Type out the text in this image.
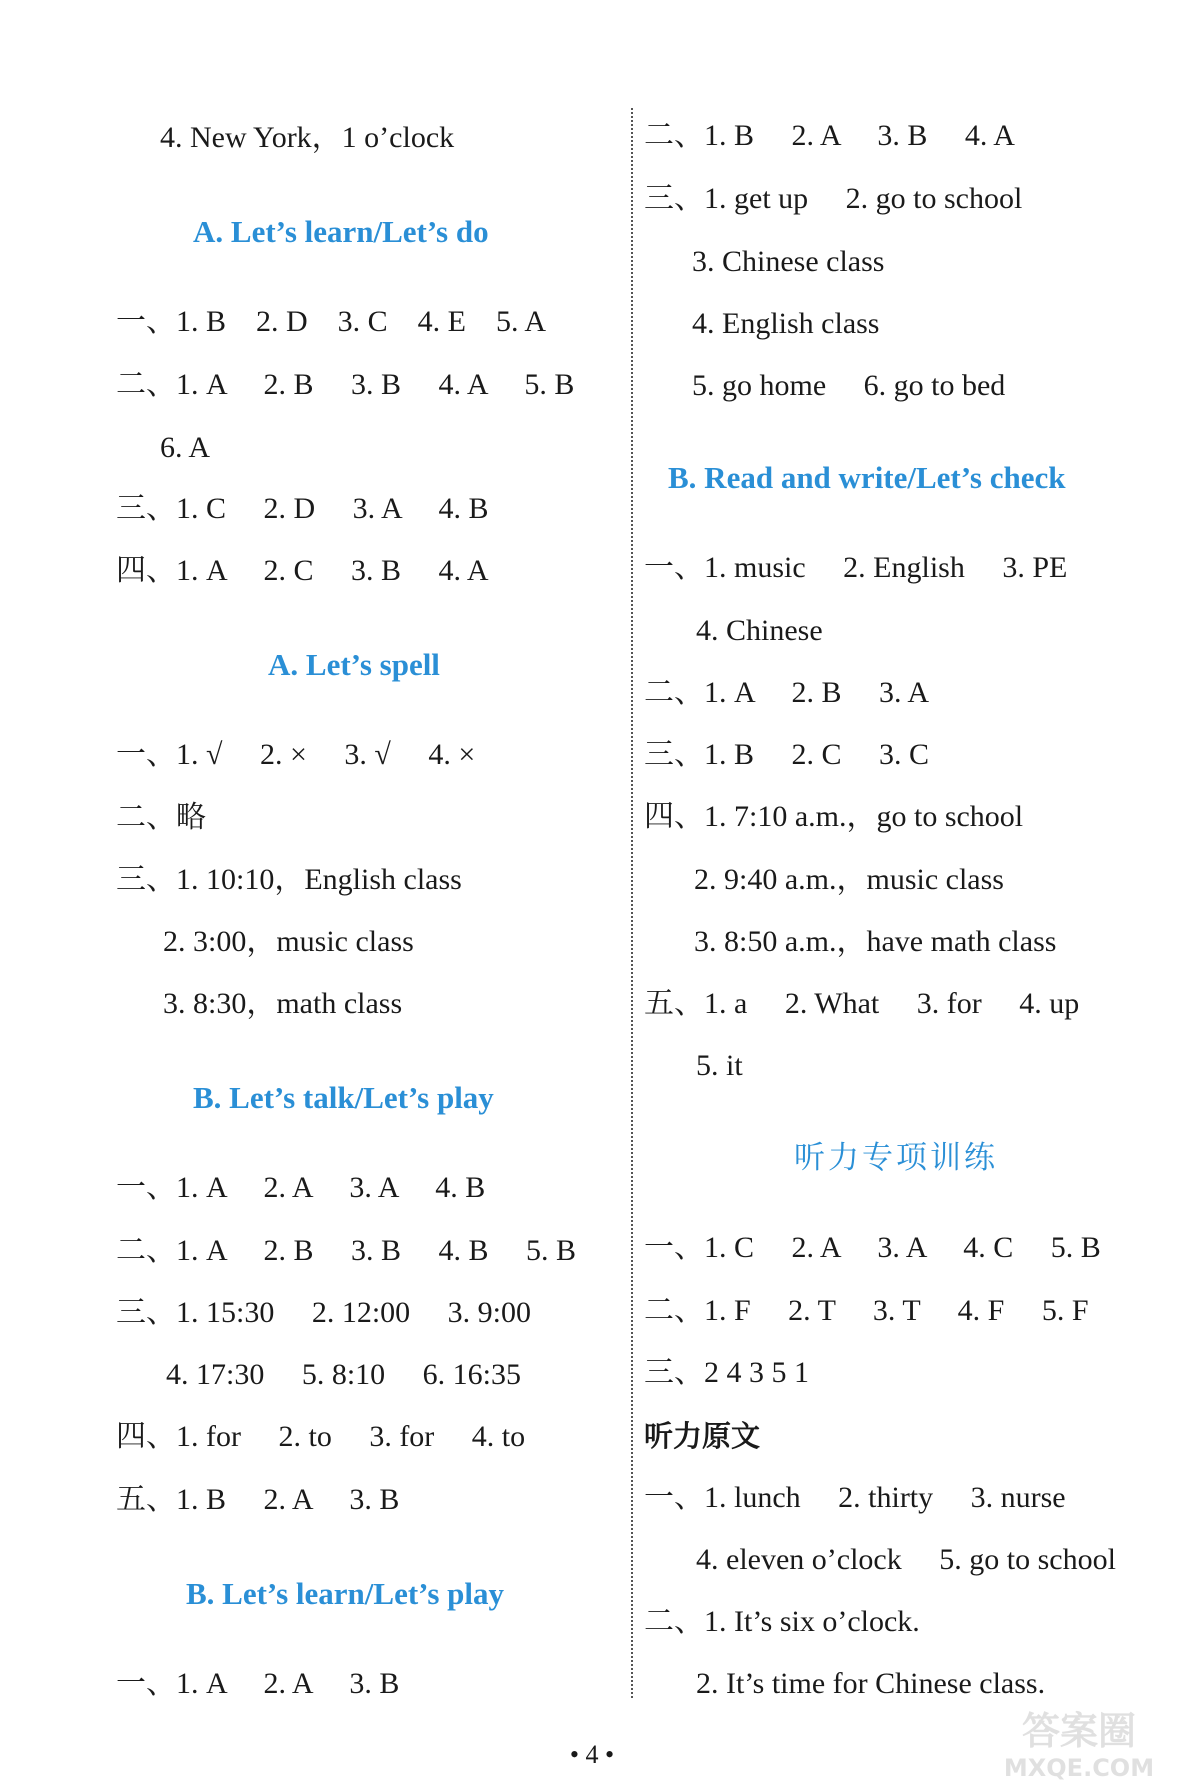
4. New York，1 o’clock
A. Let’s learn/Let’s do
一、1. B    2. D    3. C    4. E    5. A
二、1. A     2. B     3. B     4. A     5. B
6. A
三、1. C     2. D     3. A     4. B
四、1. A     2. C     3. B     4. A
A. Let’s spell
一、1. √     2. ×     3. √     4. ×
二、略
三、1. 10:10，English class
2. 3:00，music class
3. 8:30，math class
B. Let’s talk/Let’s play
一、1. A     2. A     3. A     4. B
二、1. A     2. B     3. B     4. B     5. B
三、1. 15:30     2. 12:00     3. 9:00
4. 17:30     5. 8:10     6. 16:35
四、1. for     2. to     3. for     4. to
五、1. B     2. A     3. B
B. Let’s learn/Let’s play
一、1. A     2. A     3. B
二、1. B     2. A     3. B     4. A
三、1. get up     2. go to school
3. Chinese class
4. English class
5. go home     6. go to bed
B. Read and write/Let’s check
一、1. music     2. English     3. PE
4. Chinese
二、1. A     2. B     3. A
三、1. B     2. C     3. C
四、1. 7:10 a.m.，go to school
2. 9:40 a.m.，music class
3. 8:50 a.m.，have math class
五、1. a     2. What     3. for     4. up
5. it
听力专项训练
一、1. C     2. A     3. A     4. C     5. B
二、1. F     2. T     3. T     4. F     5. F
三、2 4 3 5 1
听力原文
一、1. lunch     2. thirty     3. nurse
4. eleven o’clock     5. go to school
二、1. It’s six o’clock.
2. It’s time for Chinese class.
• 4 •
答案圈
MXQE.COM
